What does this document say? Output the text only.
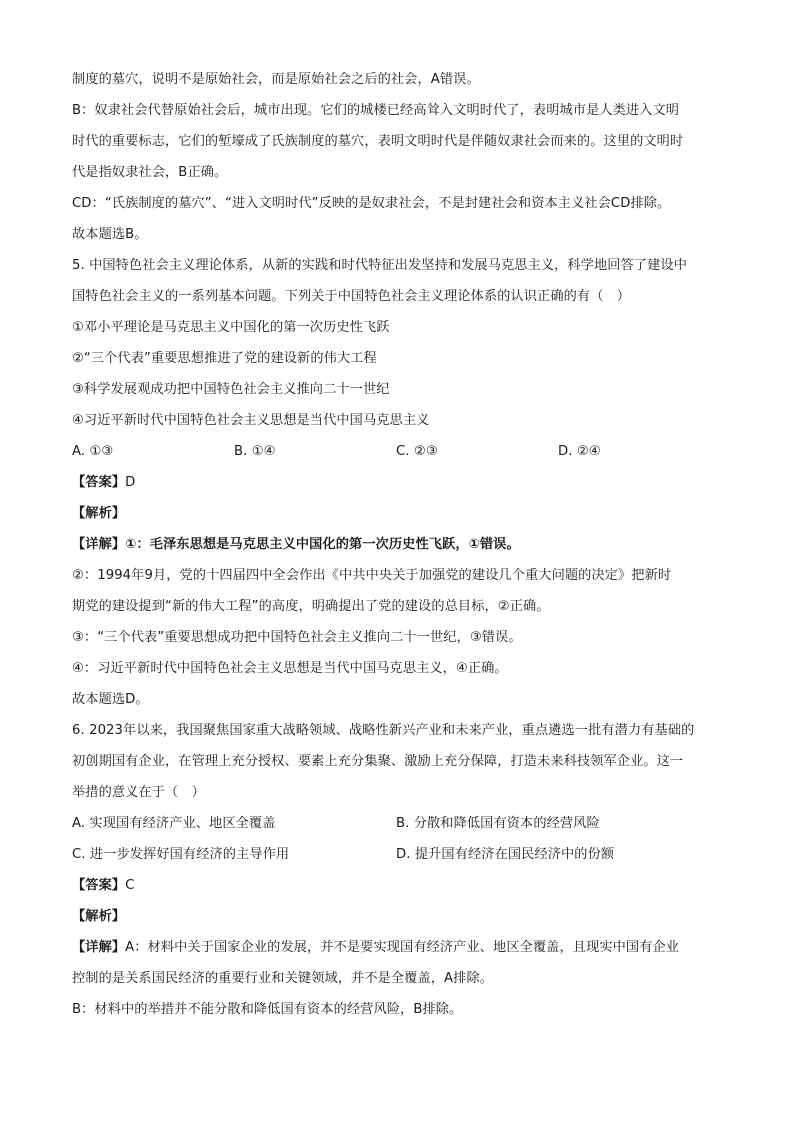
制度的墓穴，说明不是原始社会，而是原始社会之后的社会，A错误。
B：奴隶社会代替原始社会后，城市出现。它们的城楼已经高耸入文明时代了，表明城市是人类进入文明
时代的重要标志，它们的堑壕成了氏族制度的墓穴，表明文明时代是伴随奴隶社会而来的。这里的文明时
代是指奴隶社会，B正确。
CD：“氏族制度的墓穴”、“进入文明时代”反映的是奴隶社会，不是封建社会和资本主义社会CD排除。
故本题选B。
5. 中国特色社会主义理论体系，从新的实践和时代特征出发坚持和发展马克思主义，科学地回答了建设中
国特色社会主义的一系列基本问题。下列关于中国特色社会主义理论体系的认识正确的有（　）
①邓小平理论是马克思主义中国化的第一次历史性飞跃
②“三个代表”重要思想推进了党的建设新的伟大工程
③科学发展观成功把中国特色社会主义推向二十一世纪
④习近平新时代中国特色社会主义思想是当代中国马克思主义
A. ①③	B. ①④	C. ②③	D. ②④
【答案】D
【解析】
【详解】①：毛泽东思想是马克思主义中国化的第一次历史性飞跃，①错误。
②：1994年9月，党的十四届四中全会作出《中共中央关于加强党的建设几个重大问题的决定》把新时
期党的建设提到“新的伟大工程”的高度，明确提出了党的建设的总目标，②正确。
③：“三个代表”重要思想成功把中国特色社会主义推向二十一世纪，③错误。
④：习近平新时代中国特色社会主义思想是当代中国马克思主义，④正确。
故本题选D。
6. 2023年以来，我国聚焦国家重大战略领域、战略性新兴产业和未来产业，重点遴选一批有潜力有基础的
初创期国有企业，在管理上充分授权、要素上充分集聚、激励上充分保障，打造未来科技领军企业。这一
举措的意义在于（　）
A. 实现国有经济产业、地区全覆盖	B. 分散和降低国有资本的经营风险
C. 进一步发挥好国有经济的主导作用	D. 提升国有经济在国民经济中的份额
【答案】C
【解析】
【详解】A：材料中关于国家企业的发展，并不是要实现国有经济产业、地区全覆盖，且现实中国有企业
控制的是关系国民经济的重要行业和关键领域，并不是全覆盖，A排除。
B：材料中的举措并不能分散和降低国有资本的经营风险，B排除。
